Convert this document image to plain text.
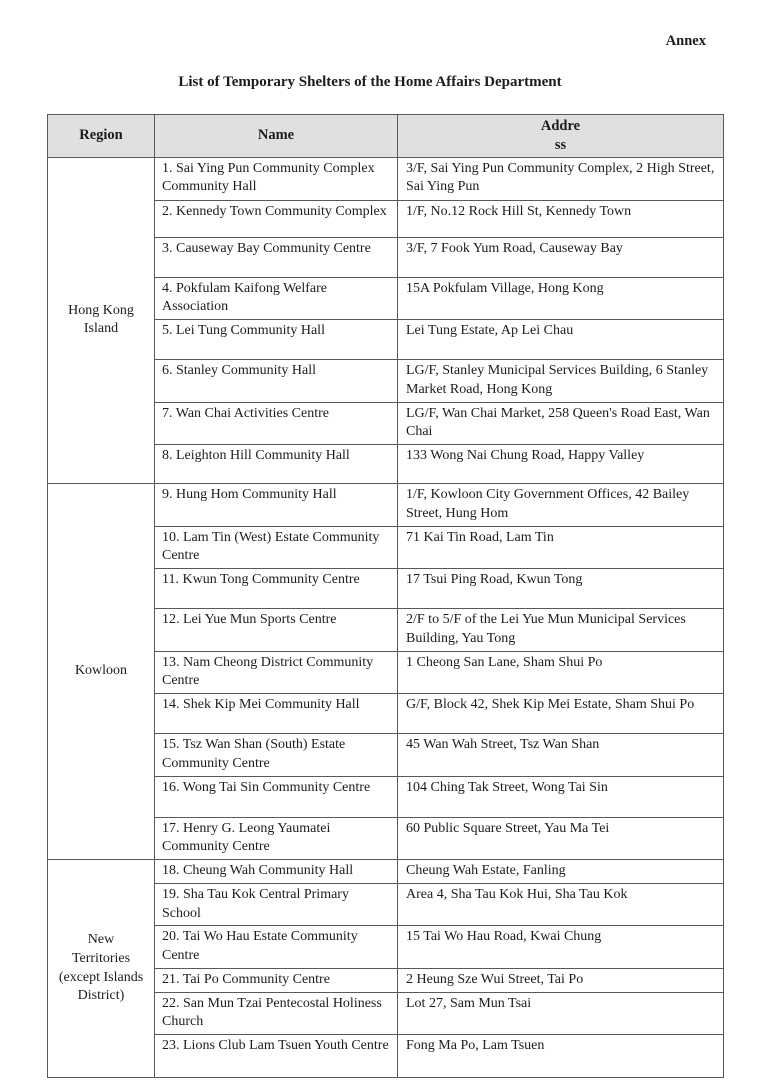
Annex
List of Temporary Shelters of the Home Affairs Department
Region	Name	Addre
ss
Hong Kong Island	1. Sai Ying Pun Community Complex Community Hall	3/F, Sai Ying Pun Community Complex, 2 High Street, Sai Ying Pun
	2. Kennedy Town Community Complex	1/F, No.12 Rock Hill St, Kennedy Town
	3. Causeway Bay Community Centre	3/F, 7 Fook Yum Road, Causeway Bay
	4. Pokfulam Kaifong Welfare Association	15A Pokfulam Village, Hong Kong
	5. Lei Tung Community Hall	Lei Tung Estate, Ap Lei Chau
	6. Stanley Community Hall	LG/F, Stanley Municipal Services Building, 6 Stanley Market Road, Hong Kong
	7. Wan Chai Activities Centre	LG/F, Wan Chai Market, 258 Queen's Road East, Wan Chai
	8. Leighton Hill Community Hall	133 Wong Nai Chung Road, Happy Valley
Kowloon	9. Hung Hom Community Hall	1/F, Kowloon City Government Offices, 42 Bailey Street, Hung Hom
	10. Lam Tin (West) Estate Community Centre	71 Kai Tin Road, Lam Tin
	11. Kwun Tong Community Centre	17 Tsui Ping Road, Kwun Tong
	12. Lei Yue Mun Sports Centre	2/F to 5/F of the Lei Yue Mun Municipal Services Building, Yau Tong
	13. Nam Cheong District Community Centre	1 Cheong San Lane, Sham Shui Po
	14. Shek Kip Mei Community Hall	G/F, Block 42, Shek Kip Mei Estate, Sham Shui Po
	15. Tsz Wan Shan (South) Estate Community Centre	45 Wan Wah Street, Tsz Wan Shan
	16. Wong Tai Sin Community Centre	104 Ching Tak Street, Wong Tai Sin
	17. Henry G. Leong Yaumatei Community Centre	60 Public Square Street, Yau Ma Tei
New Territories (except Islands District)	18. Cheung Wah Community Hall	Cheung Wah Estate, Fanling
	19. Sha Tau Kok Central Primary School	Area 4, Sha Tau Kok Hui, Sha Tau Kok
	20. Tai Wo Hau Estate Community Centre	15 Tai Wo Hau Road, Kwai Chung
	21. Tai Po Community Centre	2 Heung Sze Wui Street, Tai Po
	22. San Mun Tzai Pentecostal Holiness Church	Lot 27, Sam Mun Tsai
	23. Lions Club Lam Tsuen Youth Centre	Fong Ma Po, Lam Tsuen
